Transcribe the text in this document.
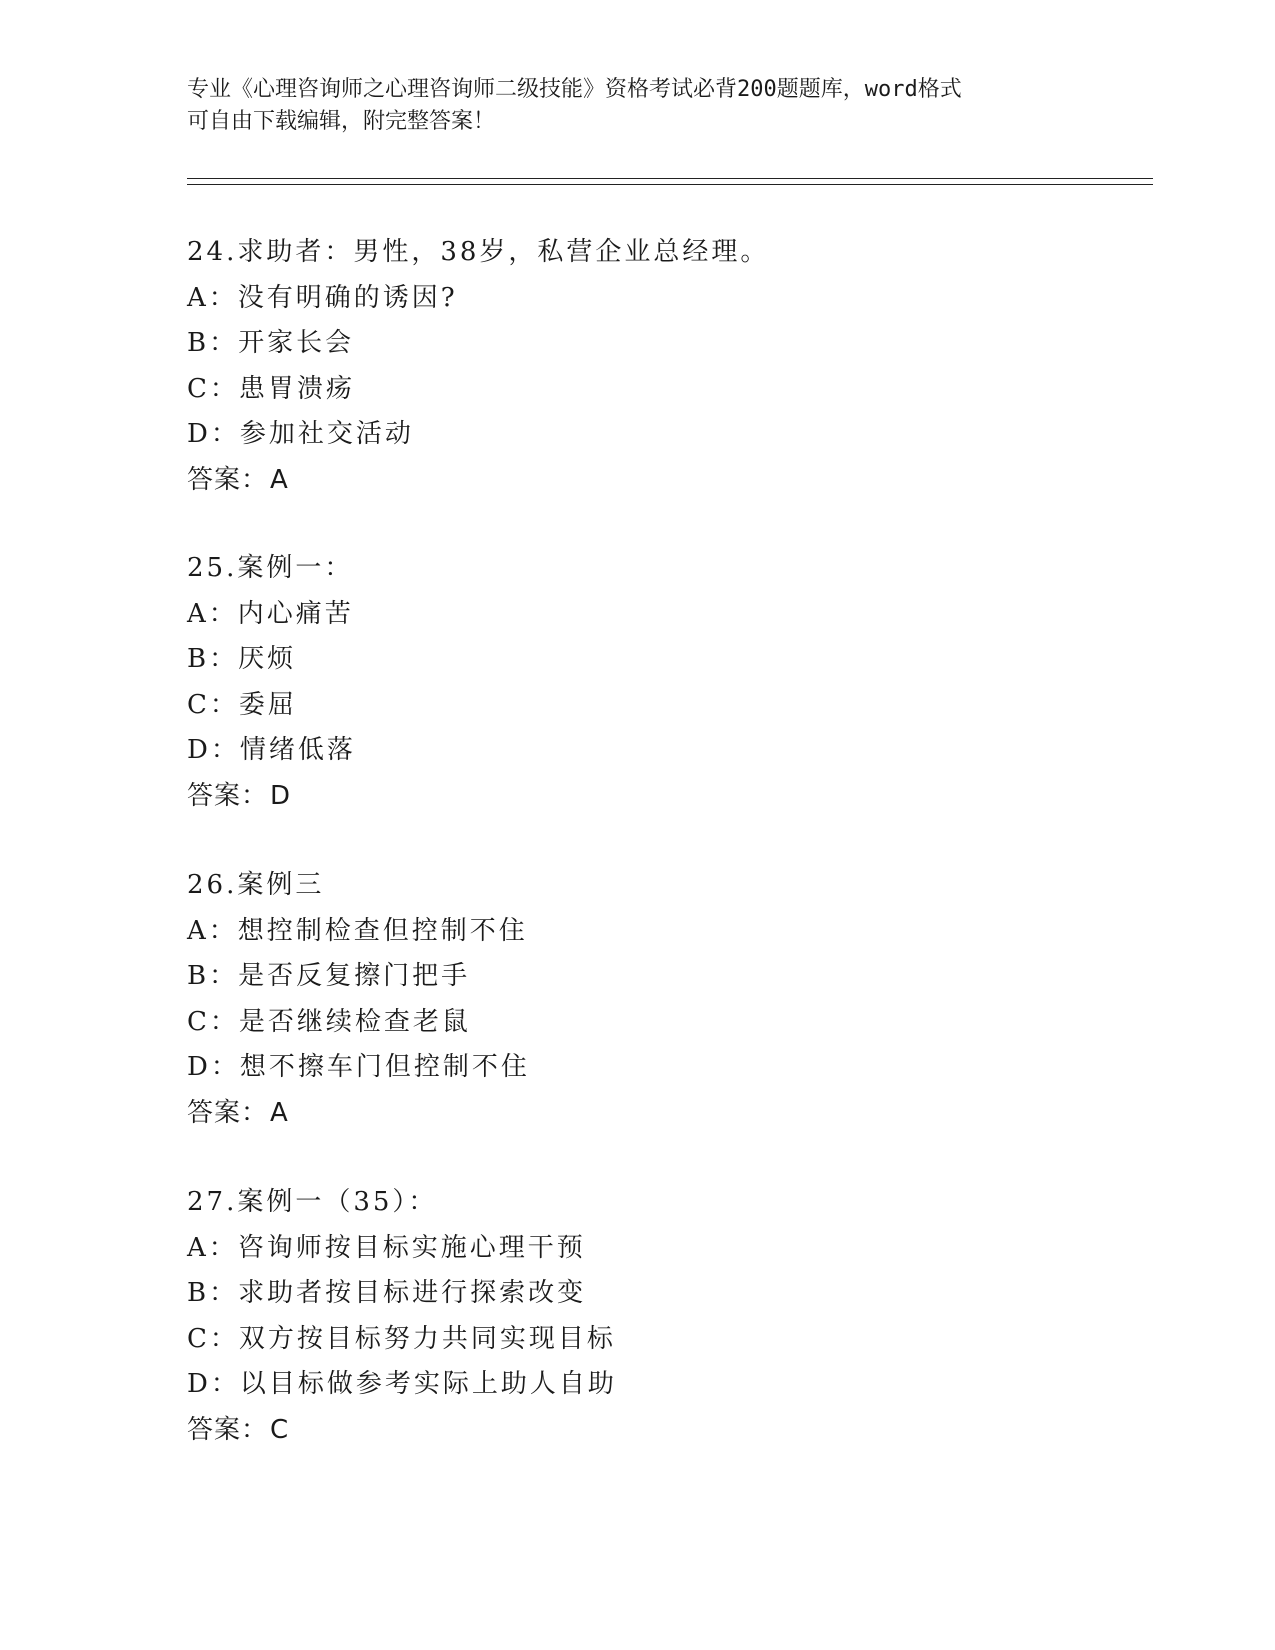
专业《心理咨询师之心理咨询师二级技能》资格考试必背200题题库，word格式
可自由下载编辑，附完整答案！
24.求助者：男性，38岁，私营企业总经理。
A：没有明确的诱因?
B：开家长会
C：患胃溃疡
D：参加社交活动
答案：A
25.案例一：
A：内心痛苦
B：厌烦
C：委屈
D：情绪低落
答案：D
26.案例三
A：想控制检查但控制不住
B：是否反复擦门把手
C：是否继续检查老鼠
D：想不擦车门但控制不住
答案：A
27.案例一（35）：
A：咨询师按目标实施心理干预
B：求助者按目标进行探索改变
C：双方按目标努力共同实现目标
D：以目标做参考实际上助人自助
答案：C
